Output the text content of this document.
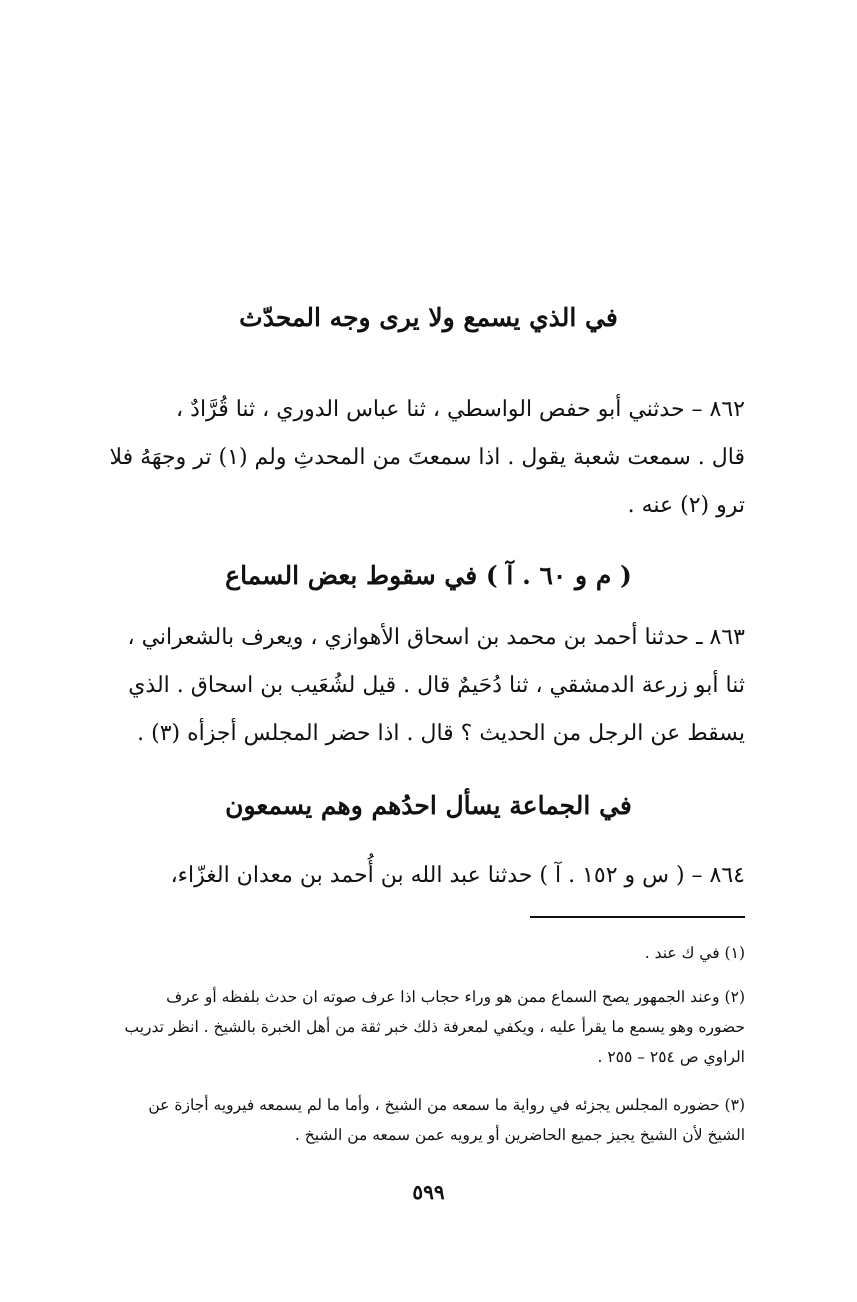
في الذي يسمع ولا يرى وجه المحدّث
٨٦٢ – حدثني أبو حفص الواسطي ، ثنا عباس الدوري ، ثنا قُرَّادٌ ،
قال . سمعت شعبة يقول . اذا سمعتَ من المحدثِ ولم (١) تر وجهَهُ فلا
ترو (٢) عنه .
( م و ٦٠ . آ ) في سقوط بعض السماع
٨٦٣ ـ حدثنا أحمد بن محمد بن اسحاق الأهوازي ، ويعرف بالشعراني ،
ثنا أبو زرعة الدمشقي ، ثنا دُحَيمٌ قال . قيل لشُعَيب بن اسحاق . الذي
يسقط عن الرجل من الحديث ؟ قال . اذا حضر المجلس أجزأه (٣) .
في الجماعة يسأل احدُهم وهم يسمعون
٨٦٤ – ( س و ١٥٢ . آ ) حدثنا عبد الله بن أُحمد بن معدان الغزّاء،
(١) في ك عند .
(٢) وعند الجمهور يصح السماع ممن هو وراء حجاب اذا عرف صوته ان حدث بلفظه أو عرف
حضوره وهو يسمع ما يقرأ عليه ، ويكفي لمعرفة ذلك خبر ثقة من أهل الخبرة بالشيخ . انظر تدريب
الراوي ص ٢٥٤ – ٢٥٥ .
(٣) حضوره المجلس يجزئه في رواية ما سمعه من الشيخ ، وأما ما لم يسمعه فيرويه أجازة عن
الشيخ لأن الشيخ يجيز جميع الحاضرين أو يرويه عمن سمعه من الشيخ .
٥٩٩
